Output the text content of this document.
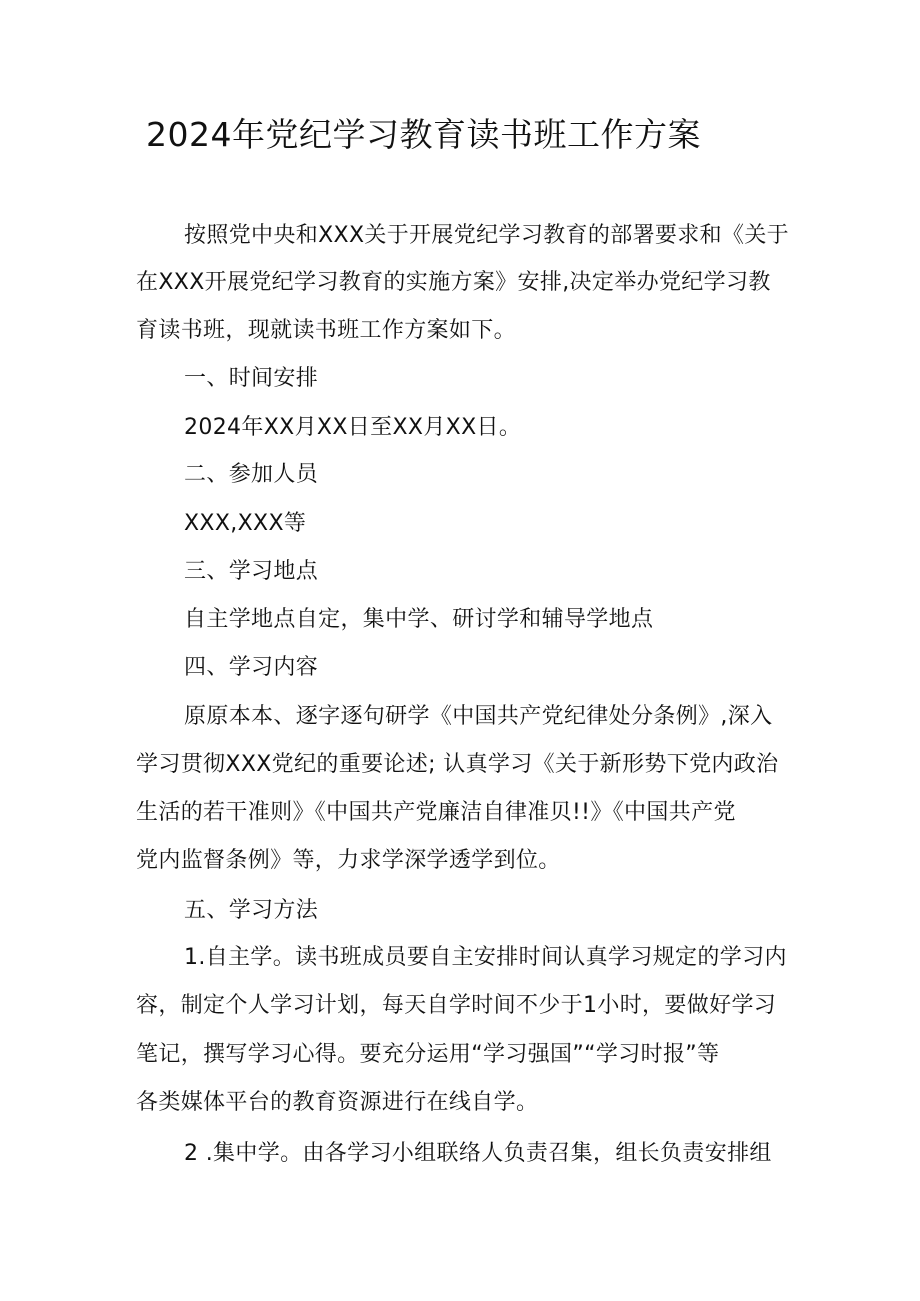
2024年党纪学习教育读书班工作方案
按照党中央和XXX关于开展党纪学习教育的部署要求和《关于
在XXX开展党纪学习教育的实施方案》安排,决定举办党纪学习教
育读书班，现就读书班工作方案如下。
一、时间安排
2024年XX月XX日至XX月XX日。
二、参加人员
XXX,XXX等
三、学习地点
自主学地点自定，集中学、研讨学和辅导学地点
四、学习内容
原原本本、逐字逐句研学《中国共产党纪律处分条例》,深入
学习贯彻XXX党纪的重要论述; 认真学习《关于新形势下党内政治
生活的若干准则》《中国共产党廉洁自律准贝!!》《中国共产党
党内监督条例》等，力求学深学透学到位。
五、学习方法
1.自主学。读书班成员要自主安排时间认真学习规定的学习内
容，制定个人学习计划，每天自学时间不少于1小时，要做好学习
笔记，撰写学习心得。要充分运用“学习强国”“学习时报”等
各类媒体平台的教育资源进行在线自学。
2 .集中学。由各学习小组联络人负责召集，组长负责安排组
